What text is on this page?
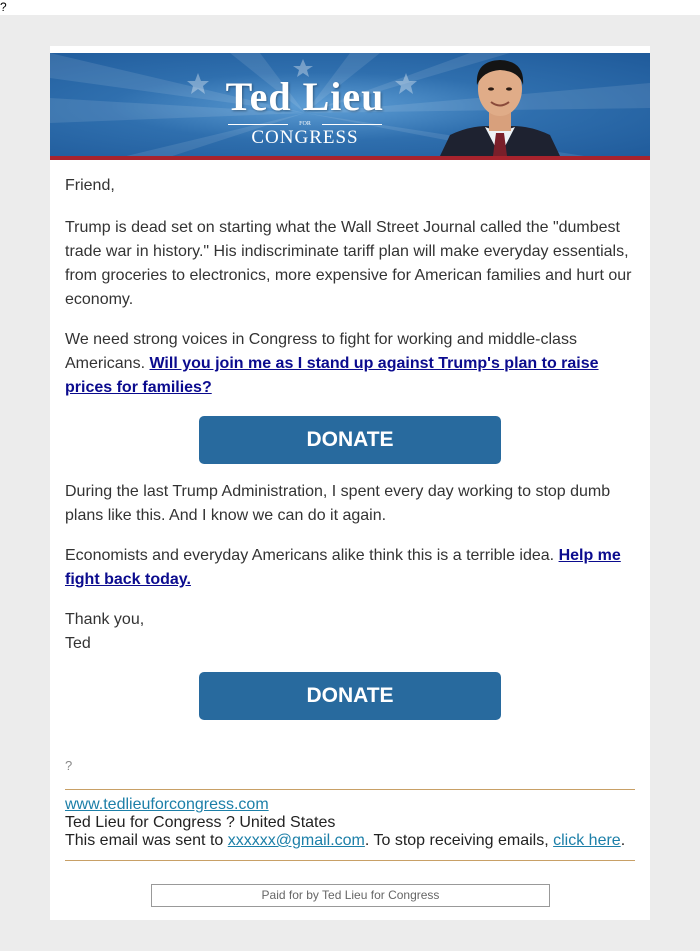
?
Ted Lieu
FOR
CONGRESS

Friend,

Trump is dead set on starting what the Wall Street Journal called the "dumbest trade war in history." His indiscriminate tariff plan will make everyday essentials, from groceries to electronics, more expensive for American families and hurt our economy.

We need strong voices in Congress to fight for working and middle-class Americans. Will you join me as I stand up against Trump's plan to raise prices for families?

During the last Trump Administration, I spent every day working to stop dumb plans like this. And I know we can do it again.

Economists and everyday Americans alike think this is a terrible idea. Help me fight back today.

Thank you,
Ted

DONATE
DONATE
?
www.tedlieuforcongress.com
Ted Lieu for Congress ? United States
This email was sent to xxxxxx@gmail.com. To stop receiving emails, click here.
Paid for by Ted Lieu for Congress
